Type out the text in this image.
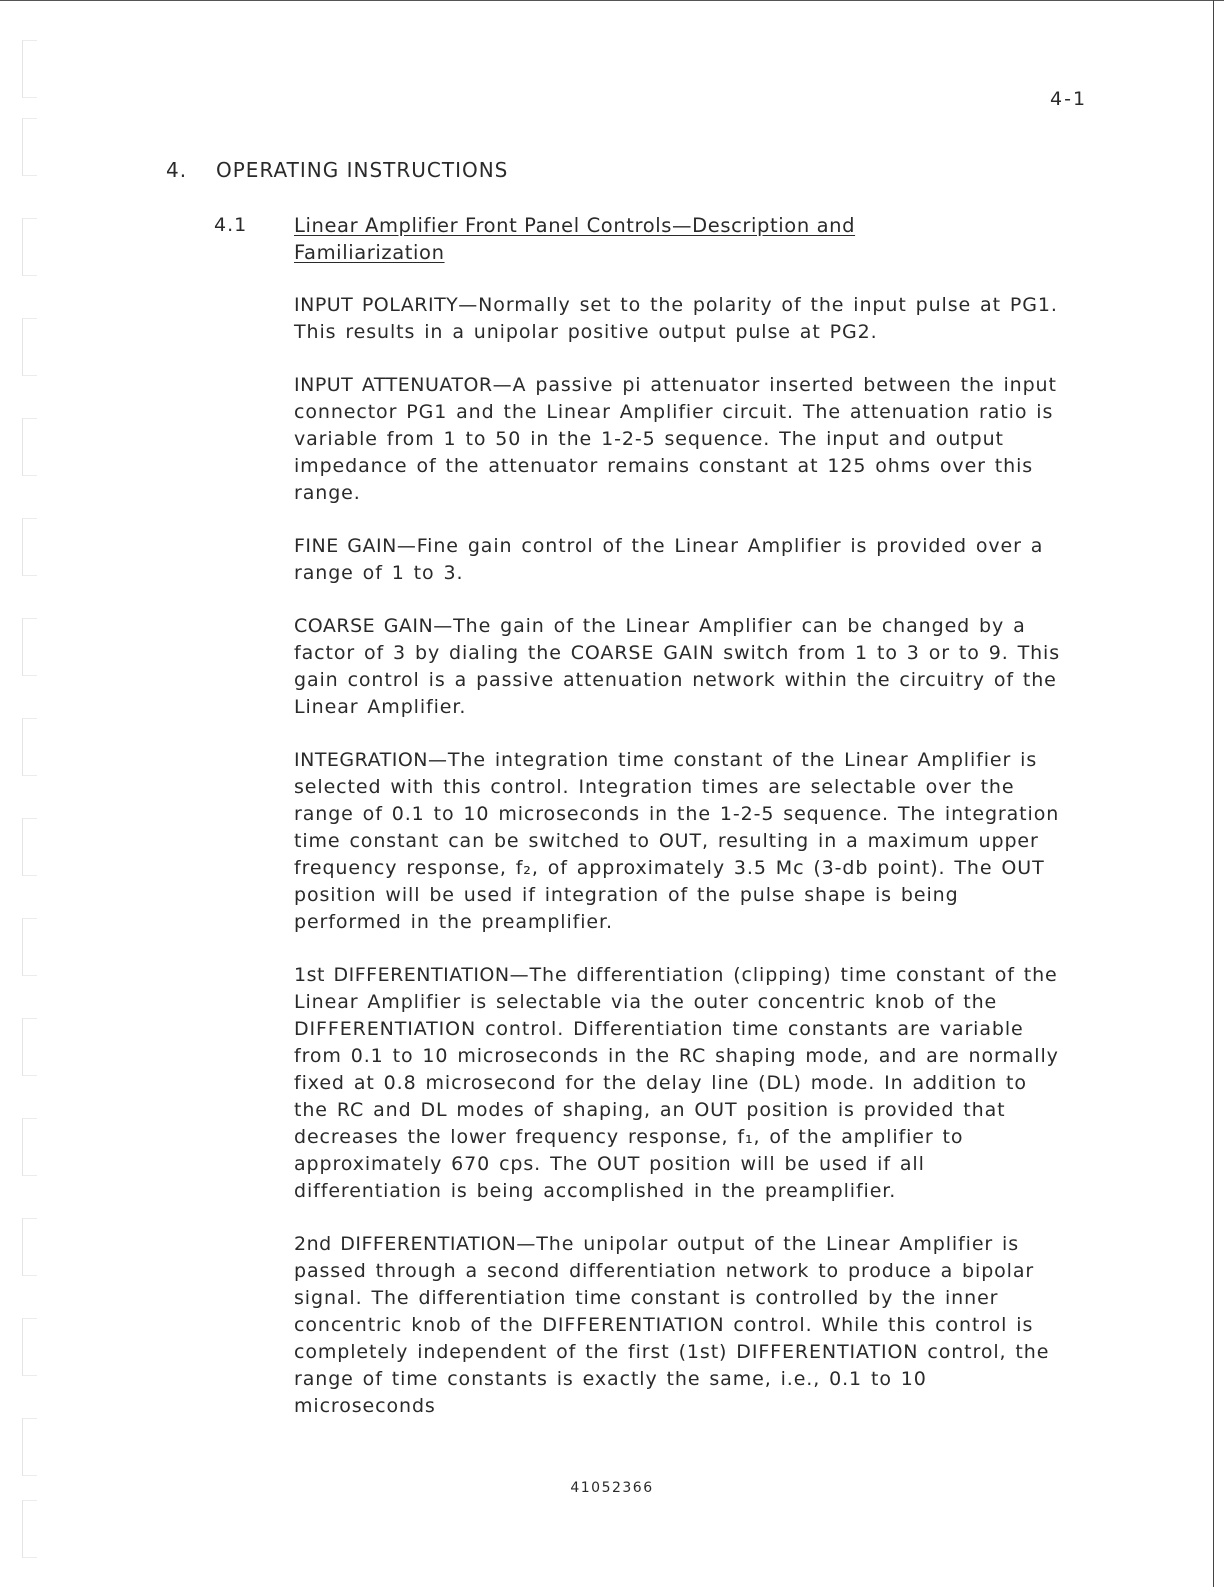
4-1
4. OPERATING INSTRUCTIONS
4.1 Linear Amplifier Front Panel Controls—Description and Familiarization

INPUT POLARITY—Normally set to the polarity of the input pulse at PG1. This results in a unipolar positive output pulse at PG2.

INPUT ATTENUATOR—A passive pi attenuator inserted between the input connector PG1 and the Linear Amplifier circuit. The attenuation ratio is variable from 1 to 50 in the 1-2-5 sequence. The input and output impedance of the attenuator remains constant at 125 ohms over this range.

FINE GAIN—Fine gain control of the Linear Amplifier is provided over a range of 1 to 3.

COARSE GAIN—The gain of the Linear Amplifier can be changed by a factor of 3 by dialing the COARSE GAIN switch from 1 to 3 or to 9. This gain control is a passive attenuation network within the circuitry of the Linear Amplifier.

INTEGRATION—The integration time constant of the Linear Amplifier is selected with this control. Integration times are selectable over the range of 0.1 to 10 microseconds in the 1-2-5 sequence. The integration time constant can be switched to OUT, resulting in a maximum upper frequency response, f₂, of approximately 3.5 Mc (3-db point). The OUT position will be used if integration of the pulse shape is being performed in the preamplifier.

1st DIFFERENTIATION—The differentiation (clipping) time constant of the Linear Amplifier is selectable via the outer concentric knob of the DIFFERENTIATION control. Differentiation time constants are variable from 0.1 to 10 microseconds in the RC shaping mode, and are normally fixed at 0.8 microsecond for the delay line (DL) mode. In addition to the RC and DL modes of shaping, an OUT position is provided that decreases the lower frequency response, f₁, of the amplifier to approximately 670 cps. The OUT position will be used if all differentiation is being accomplished in the preamplifier.

2nd DIFFERENTIATION—The unipolar output of the Linear Amplifier is passed through a second differentiation network to produce a bipolar signal. The differentiation time constant is controlled by the inner concentric knob of the DIFFERENTIATION control. While this control is completely independent of the first (1st) DIFFERENTIATION control, the range of time constants is exactly the same, i.e., 0.1 to 10 microseconds

41052366
